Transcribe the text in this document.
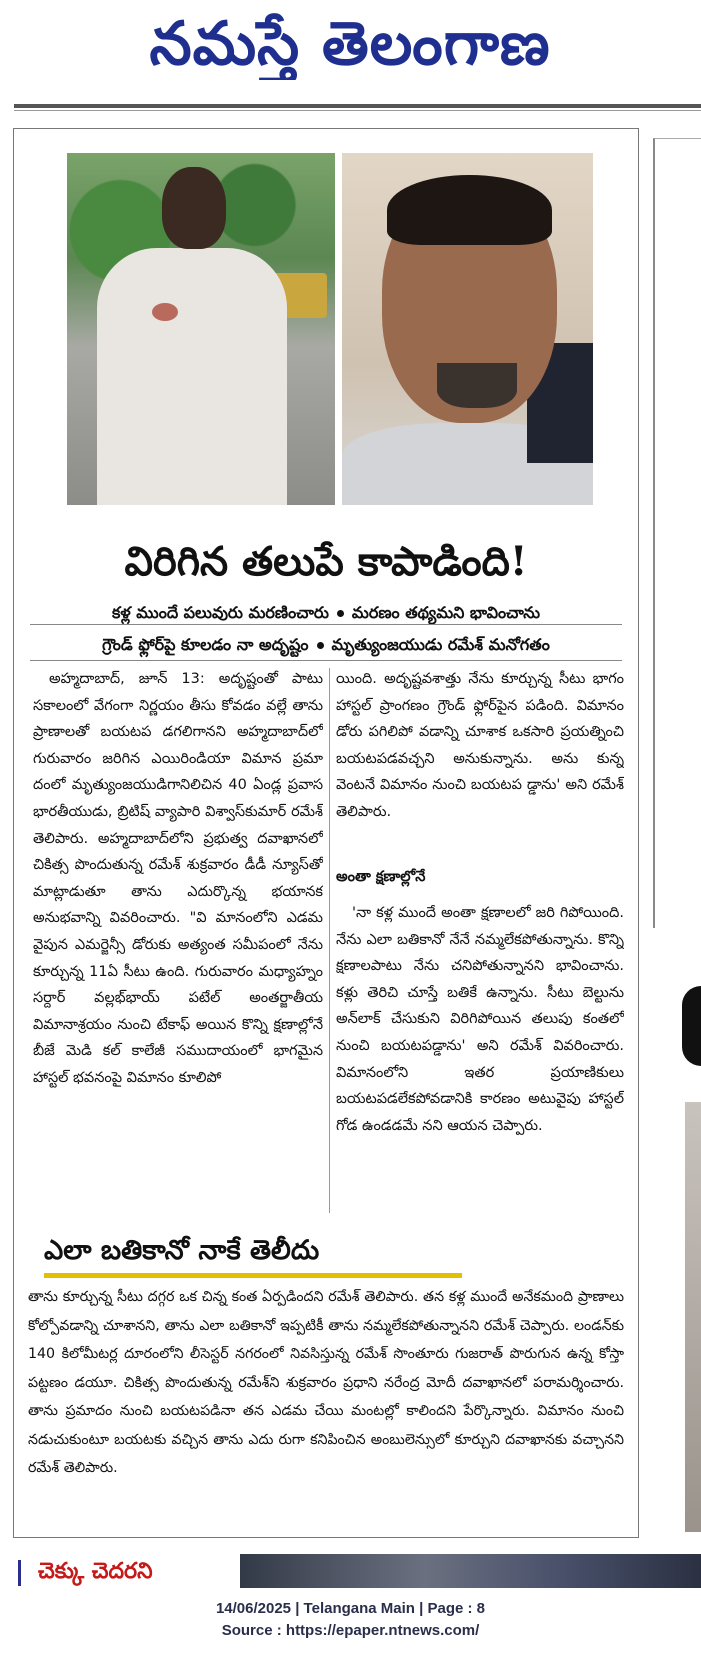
నమస్తే తెలంగాణ
విరిగిన తలుపే కాపాడింది!
కళ్ల ముందే పలువురు మరణించారు మరణం తథ్యమని భావించాను
గ్రౌండ్ ఫ్లోర్‌పై కూలడం నా అదృష్టం మృత్యుంజయుడు రమేశ్ మనోగతం

అహ్మదాబాద్, జూన్ 13: అదృష్టంతో పాటు సకాలంలో వేగంగా నిర్ణయం తీసు కోవడం వల్లే తాను ప్రాణాలతో బయటప డగలిగానని అహ్మదాబాద్‌లో గురువారం జరిగిన ఎయిరిండియా విమాన ప్రమా దంలో మృత్యుంజయుడిగానిలిచిన 40 ఏండ్ల ప్రవాస భారతీయుడు, బ్రిటిష్ వ్యాపారి విశ్వాస్‌కుమార్ రమేశ్ తెలిపారు. అహ్మదాబాద్‌లోని ప్రభుత్వ దవాఖానలో చికిత్స పొందుతున్న రమేశ్ శుక్రవారం డీడీ న్యూస్‌తో మాట్లాడుతూ తాను ఎదుర్కొన్న భయానక అనుభవాన్ని వివరించారు. "వి మానంలోని ఎడమ వైపున ఎమర్జెన్సీ డోరుకు అత్యంత సమీపంలో నేను కూర్చున్న 11ఏ సీటు ఉంది. గురువారం మధ్యాహ్నం సర్దార్ వల్లభ్‌భాయ్ పటేల్ అంతర్జాతీయ విమానాశ్రయం నుంచి టేకాఫ్ అయిన కొన్ని క్షణాల్లోనే బీజే మెడి కల్ కాలేజీ సముదాయంలో భాగమైన హాస్టల్ భవనంపై విమానం కూలిపో

యింది. అదృష్టవశాత్తు నేను కూర్చున్న సీటు భాగం హాస్టల్ ప్రాంగణం గ్రౌండ్ ఫ్లోర్‌పైన పడింది. విమానం డోరు పగిలిపో వడాన్ని చూశాక ఒకసారి ప్రయత్నించి బయటపడవచ్చని అనుకున్నాను. అను కున్న వెంటనే విమానం నుంచి బయటప డ్డాను' అని రమేశ్ తెలిపారు.

అంతా క్షణాల్లోనే

'నా కళ్ల ముందే అంతా క్షణాలలో జరి గిపోయింది. నేను ఎలా బతికానో నేనే నమ్మలేకపోతున్నాను. కొన్ని క్షణాలపాటు నేను చనిపోతున్నానని భావించాను. కళ్లు తెరిచి చూస్తే బతికే ఉన్నాను. సీటు బెల్టును అన్‌లాక్ చేసుకుని విరిగిపోయిన తలుపు కంతలో నుంచి బయటపడ్డాను' అని రమేశ్ వివరించారు. విమానంలోని ఇతర ప్రయాణికులు బయటపడలేకపోవడానికి కారణం అటువైపు హాస్టల్ గోడ ఉండడమే నని ఆయన చెప్పారు.

ఎలా బతికానో నాకే తెలీదు
తాను కూర్చున్న సీటు దగ్గర ఒక చిన్న కంత ఏర్పడిందని రమేశ్ తెలిపారు. తన కళ్ల ముందే అనేకమంది ప్రాణాలు కోల్పోవడాన్ని చూశానని, తాను ఎలా బతికానో ఇప్పటికీ తాను నమ్మలేకపోతున్నానని రమేశ్ చెప్పారు. లండన్‌కు 140 కిలోమీటర్ల దూరంలోని లీసెస్టర్ నగరంలో నివసిస్తున్న రమేశ్ సొంతూరు గుజరాత్ పొరుగున ఉన్న కోస్తా పట్టణం డయూ. చికిత్స పొందుతున్న రమేశ్‌ని శుక్రవారం ప్రధాని నరేంద్ర మోదీ దవాఖానలో పరామర్శించారు. తాను ప్రమాదం నుంచి బయటపడినా తన ఎడమ చేయి మంటల్లో కాలిందని పేర్కొన్నారు. విమానం నుంచి నడుచుకుంటూ బయటకు వచ్చిన తాను ఎదు రుగా కనిపించిన అంబులెన్సులో కూర్చుని దవాఖానకు వచ్చానని రమేశ్ తెలిపారు.
చెక్కు చెదరని
14/06/2025 | Telangana Main | Page : 8
Source : https://epaper.ntnews.com/
